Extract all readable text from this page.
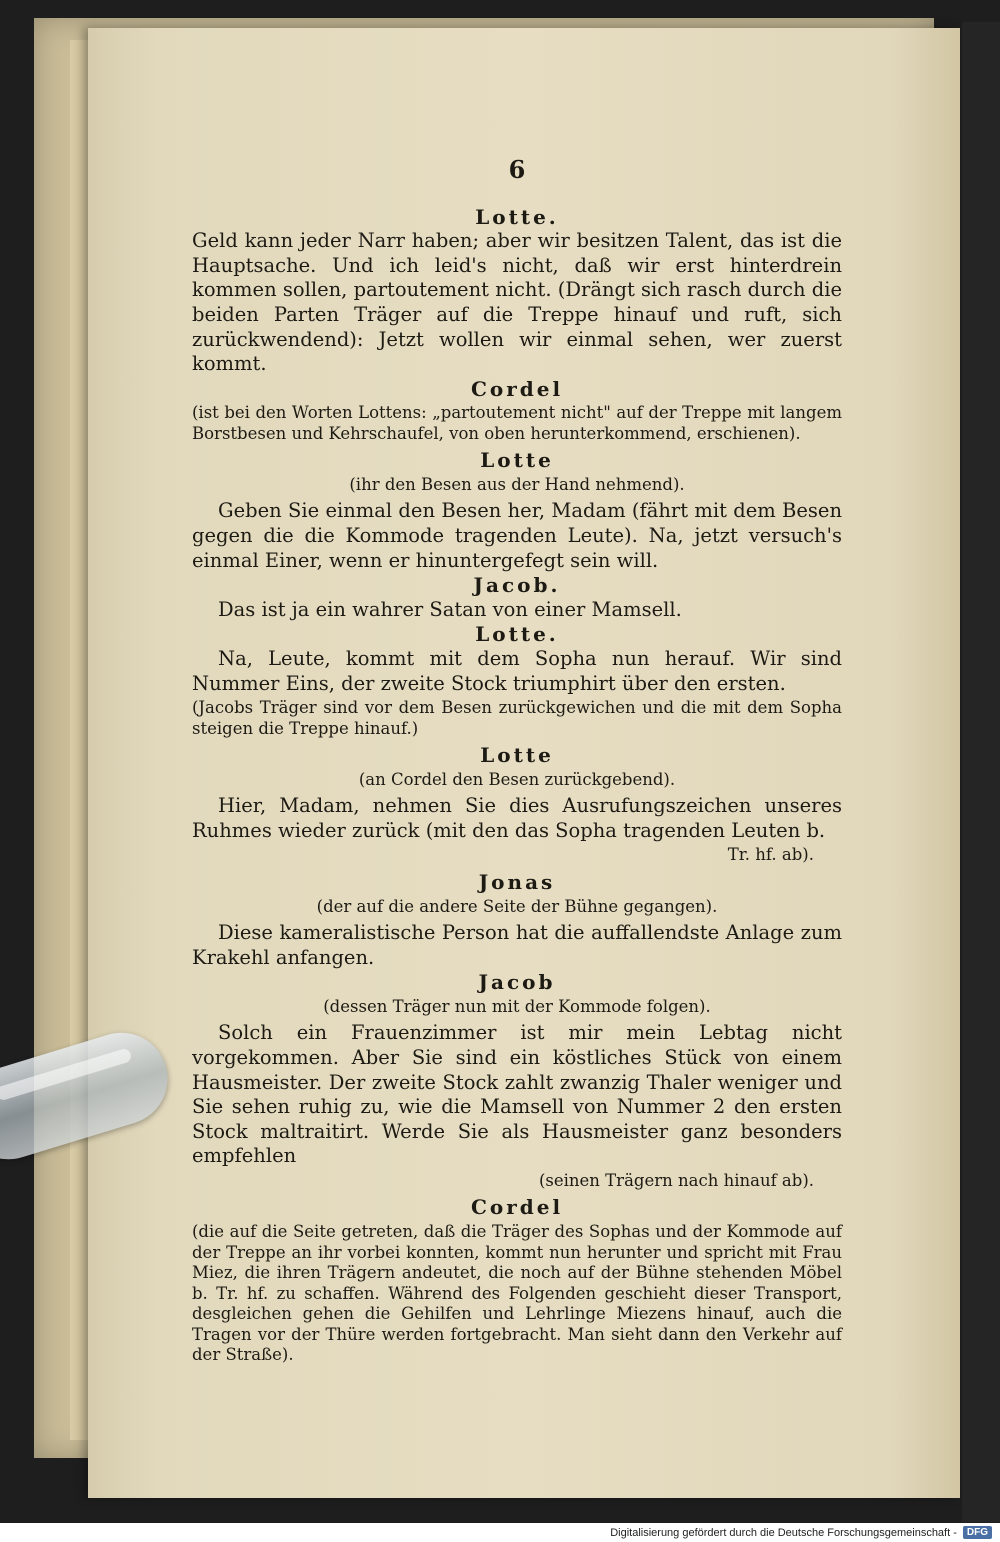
6
Lotte.

Geld kann jeder Narr haben; aber wir besitzen Talent, das ist die Hauptsache. Und ich leid's nicht, daß wir erst hinterdrein kommen sollen, partoutement nicht. (Drängt sich rasch durch die beiden Parten Träger auf die Treppe hinauf und ruft, sich zurückwendend): Jetzt wollen wir einmal sehen, wer zuerst kommt.

Cordel

(ist bei den Worten Lottens: „partoutement nicht" auf der Treppe mit langem Borstbesen und Kehrschaufel, von oben herunterkommend, erschienen).

Lotte

(ihr den Besen aus der Hand nehmend).

Geben Sie einmal den Besen her, Madam (fährt mit dem Besen gegen die die Kommode tragenden Leute). Na, jetzt versuch's einmal Einer, wenn er hinuntergefegt sein will.

Jacob.

Das ist ja ein wahrer Satan von einer Mamsell.

Lotte.

Na, Leute, kommt mit dem Sopha nun herauf. Wir sind Nummer Eins, der zweite Stock triumphirt über den ersten.

(Jacobs Träger sind vor dem Besen zurückgewichen und die mit dem Sopha steigen die Treppe hinauf.)

Lotte

(an Cordel den Besen zurückgebend).

Hier, Madam, nehmen Sie dies Ausrufungszeichen unseres Ruhmes wieder zurück (mit den das Sopha tragenden Leuten b.

Tr. hf. ab).

Jonas

(der auf die andere Seite der Bühne gegangen).

Diese kameralistische Person hat die auffallendste Anlage zum Krakehl anfangen.

Jacob

(dessen Träger nun mit der Kommode folgen).

Solch ein Frauenzimmer ist mir mein Lebtag nicht vorgekommen. Aber Sie sind ein köstliches Stück von einem Hausmeister. Der zweite Stock zahlt zwanzig Thaler weniger und Sie sehen ruhig zu, wie die Mamsell von Nummer 2 den ersten Stock maltraitirt. Werde Sie als Hausmeister ganz besonders empfehlen

(seinen Trägern nach hinauf ab).

Cordel

(die auf die Seite getreten, daß die Träger des Sophas und der Kommode auf der Treppe an ihr vorbei konnten, kommt nun herunter und spricht mit Frau Miez, die ihren Trägern andeutet, die noch auf der Bühne stehenden Möbel b. Tr. hf. zu schaffen. Während des Folgenden geschieht dieser Transport, desgleichen gehen die Gehilfen und Lehrlinge Miezens hinauf, auch die Tragen vor der Thüre werden fortgebracht. Man sieht dann den Verkehr auf der Straße).

Digitalisierung gefördert durch die Deutsche Forschungsgemeinschaft -	DFG
